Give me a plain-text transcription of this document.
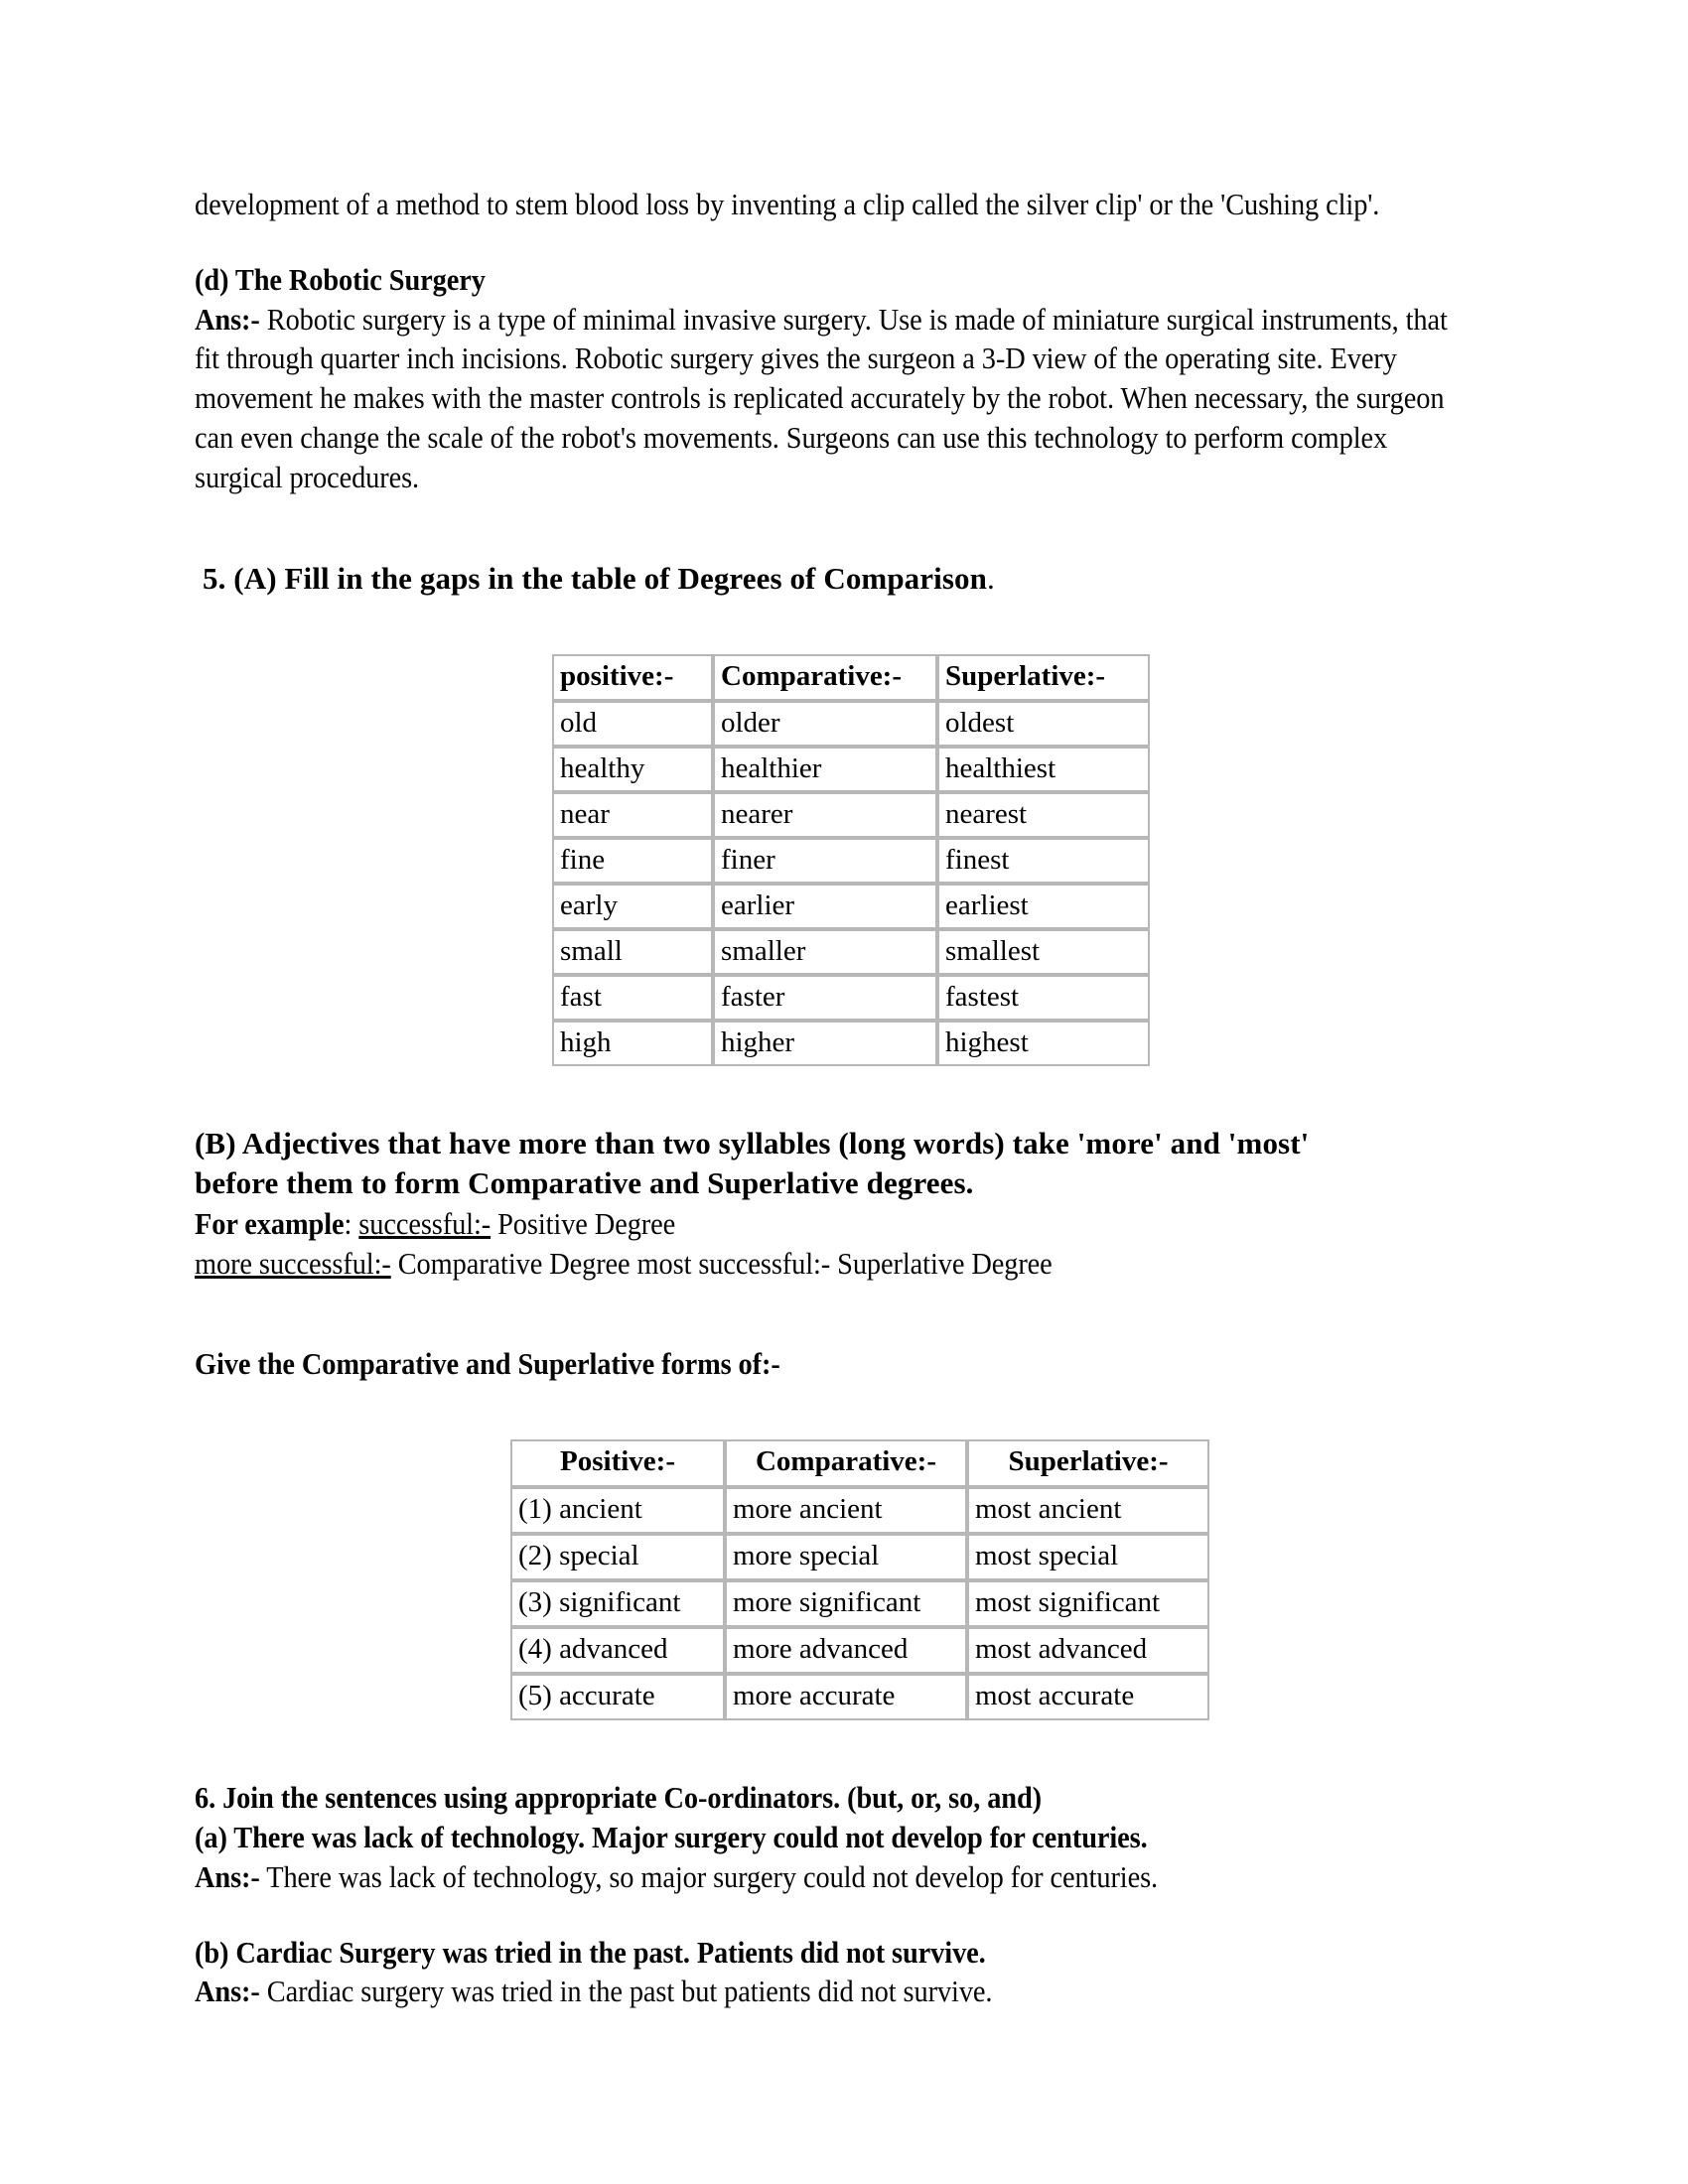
development of a method to stem blood loss by inventing a clip called the silver clip' or the 'Cushing clip'.
(d) The Robotic Surgery
Ans:- Robotic surgery is a type of minimal invasive surgery. Use is made of miniature surgical instruments, that fit through quarter inch incisions. Robotic surgery gives the surgeon a 3-D view of the operating site. Every movement he makes with the master controls is replicated accurately by the robot. When necessary, the surgeon can even change the scale of the robot's movements. Surgeons can use this technology to perform complex surgical procedures.
5. (A) Fill in the gaps in the table of Degrees of Comparison.
positive:-	Comparative:-	Superlative:-
old	older	oldest
healthy	healthier	healthiest
near	nearer	nearest
fine	finer	finest
early	earlier	earliest
small	smaller	smallest
fast	faster	fastest
high	higher	highest
(B) Adjectives that have more than two syllables (long words) take 'more' and 'most'
before them to form Comparative and Superlative degrees.
For example: successful:- Positive Degree
more successful:- Comparative Degree most successful:- Superlative Degree
Give the Comparative and Superlative forms of:-
Positive:-	Comparative:-	Superlative:-
(1) ancient	more ancient	most ancient
(2) special	more special	most special
(3) significant	more significant	most significant
(4) advanced	more advanced	most advanced
(5) accurate	more accurate	most accurate
6. Join the sentences using appropriate Co-ordinators. (but, or, so, and)
(a) There was lack of technology. Major surgery could not develop for centuries.
Ans:- There was lack of technology, so major surgery could not develop for centuries.
(b) Cardiac Surgery was tried in the past. Patients did not survive.
Ans:- Cardiac surgery was tried in the past but patients did not survive.
